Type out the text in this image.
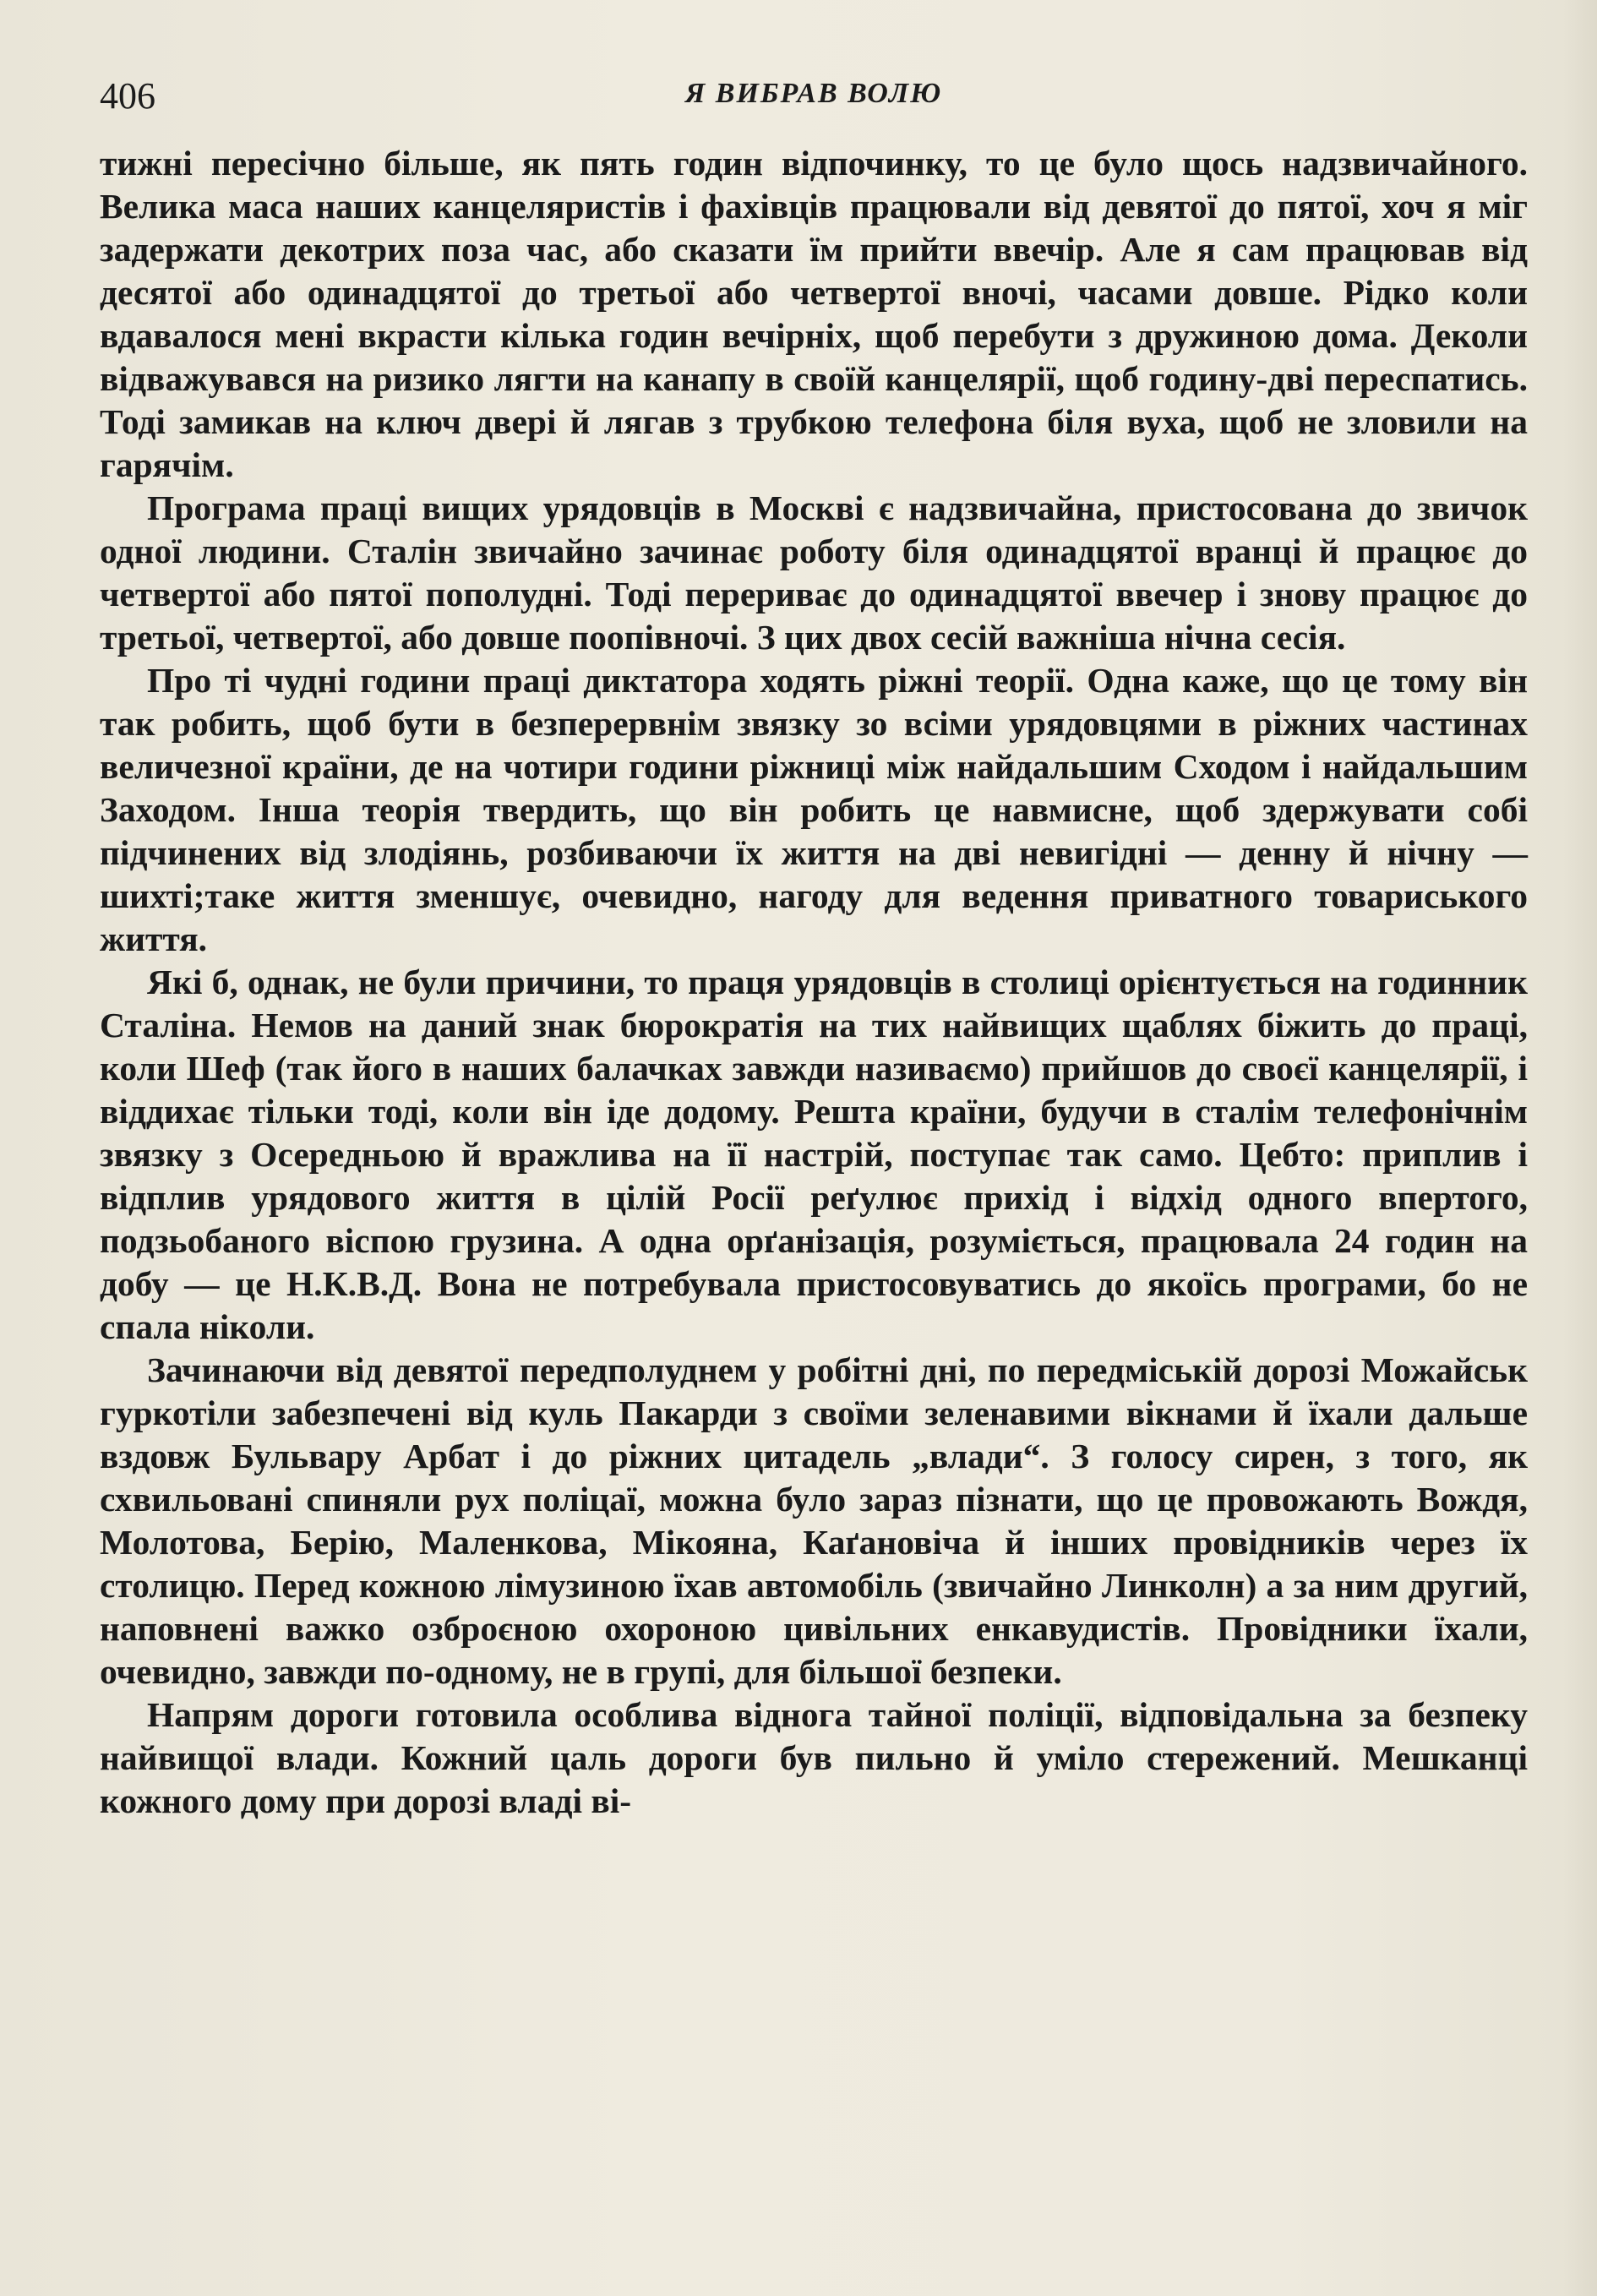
406	Я ВИБРАВ ВОЛЮ

тижні пересічно більше, як пять годин відпочинку, то це було щось надзвичайного. Велика маса наших канцеляристів і фахівців працювали від девятої до пятої, хоч я міг задержати декотрих поза час, або сказати їм прийти ввечір. Але я сам працював від десятої або одинадцятої до третьої або четвертої вночі, часами довше. Рідко коли вдавалося мені вкрасти кілька годин вечірніх, щоб перебути з дружиною дома. Деколи відважувався на ризико лягти на канапу в своїй канцелярії, щоб годину-дві переспатись. Тоді замикав на ключ двері й лягав з трубкою телефона біля вуха, щоб не зловили на гарячім.

Програма праці вищих урядовців в Москві є надзвичайна, пристосована до звичок одної людини. Сталін звичайно зачинає роботу біля одинадцятої вранці й працює до четвертої або пятої пополудні. Тоді перериває до одинадцятої ввечер і знову працює до третьої, четвертої, або довше поопівночі. З цих двох сесій важніша нічна сесія.

Про ті чудні години праці диктатора ходять ріжні теорії. Одна каже, що це тому він так робить, щоб бути в безперервнім звязку зо всіми урядовцями в ріжних частинах величезної країни, де на чотири години ріжниці між найдальшим Сходом і найдальшим Заходом. Інша теорія твердить, що він робить це навмисне, щоб здержувати собі підчинених від злодіянь, розбиваючи їх життя на дві невигідні — денну й нічну — шихті;таке життя зменшує, очевидно, нагоду для ведення приватного товариського життя.

Які б, однак, не були причини, то праця урядовців в столиці орієнтується на годинник Сталіна. Немов на даний знак бюрократія на тих найвищих щаблях біжить до праці, коли Шеф (так його в наших балачках завжди називаємо) прийшов до своєї канцелярії, і віддихає тільки тоді, коли він іде додому. Решта країни, будучи в сталім телефонічнім звязку з Осередньою й вражлива на її настрій, поступає так само. Цебто: приплив і відплив урядового життя в цілій Росії реґулює прихід і відхід одного впертого, подзьобаного віспою грузина. А одна орґанізація, розуміється, працювала 24 годин на добу — це Н.К.В.Д. Вона не потребувала пристосовуватись до якоїсь програми, бо не спала ніколи.

Зачинаючи від девятої передполуднем у робітні дні, по передміській дорозі Можайськ гуркотіли забезпечені від куль Пакарди з своїми зеленавими вікнами й їхали дальше вздовж Бульвару Арбат і до ріжних цитадель „влади“. З голосу сирен, з того, як схвильовані спиняли рух поліцаї, можна було зараз пізнати, що це провожають Вождя, Молотова, Берію, Маленкова, Мікояна, Каґановіча й інших провідників через їх столицю. Перед кожною лімузиною їхав автомобіль (звичайно Линколн) а за ним другий, наповнені важко озброєною охороною цивільних енкавудистів. Провідники їхали, очевидно, завжди по-одному, не в групі, для більшої безпеки.

Напрям дороги готовила особлива віднога тайної поліції, відповідальна за безпеку найвищої влади. Кожний цаль дороги був пильно й уміло стережений. Мешканці кожного дому при дорозі владі ві-
